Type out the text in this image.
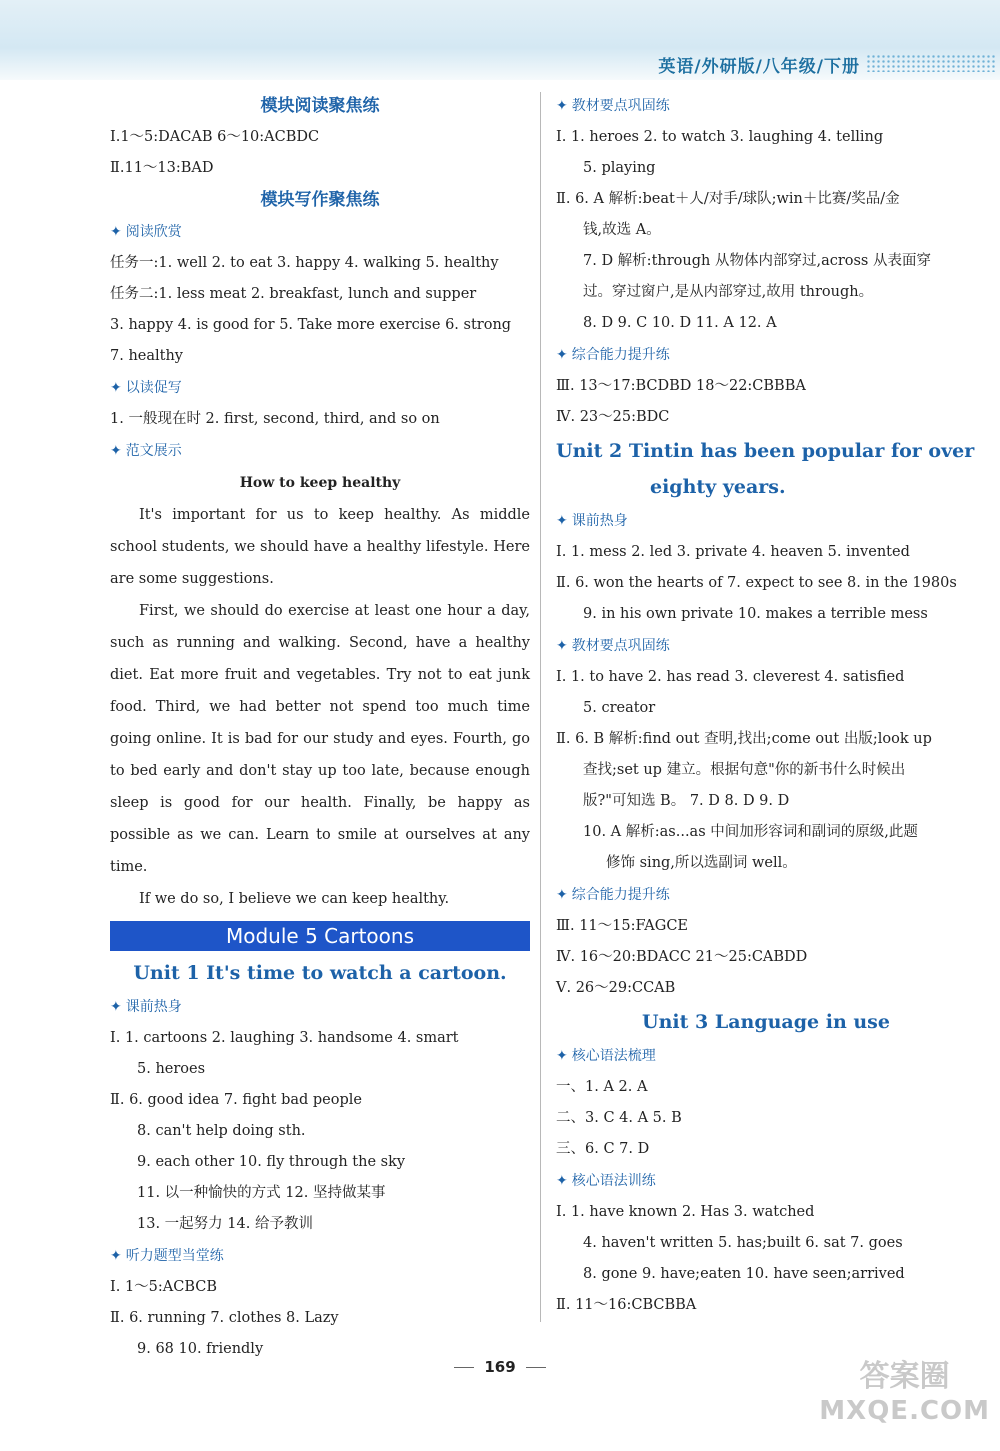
英语/外研版/八年级/下册
模块阅读聚焦练
Ⅰ.1～5:DACAB 6～10:ACBDC
Ⅱ.11～13:BAD
模块写作聚焦练
✦ 阅读欣赏
任务一:1. well 2. to eat 3. happy 4. walking 5. healthy
任务二:1. less meat 2. breakfast, lunch and supper
3. happy 4. is good for 5. Take more exercise 6. strong
7. healthy
✦ 以读促写
1. 一般现在时 2. first, second, third, and so on
✦ 范文展示
How to keep healthy

It's important for us to keep healthy. As middle school students, we should have a healthy lifestyle. Here are some suggestions.

First, we should do exercise at least one hour a day, such as running and walking. Second, have a healthy diet. Eat more fruit and vegetables. Try not to eat junk food. Third, we had better not spend too much time going online. It is bad for our study and eyes. Fourth, go to bed early and don't stay up too late, because enough sleep is good for our health. Finally, be happy as possible as we can. Learn to smile at ourselves at any time.

If we do so, I believe we can keep healthy.

Module 5 Cartoons
Unit 1 It's time to watch a cartoon.
✦ 课前热身
Ⅰ. 1. cartoons 2. laughing 3. handsome 4. smart
5. heroes
Ⅱ. 6. good idea 7. fight bad people
8. can't help doing sth.
9. each other 10. fly through the sky
11. 以一种愉快的方式 12. 坚持做某事
13. 一起努力 14. 给予教训
✦ 听力题型当堂练
Ⅰ. 1～5:ACBCB
Ⅱ. 6. running 7. clothes 8. Lazy
9. 68 10. friendly
✦ 教材要点巩固练
Ⅰ. 1. heroes 2. to watch 3. laughing 4. telling
5. playing
Ⅱ. 6. A 解析:beat＋人/对手/球队;win＋比赛/奖品/金
钱,故选 A。
7. D 解析:through 从物体内部穿过,across 从表面穿
过。穿过窗户,是从内部穿过,故用 through。
8. D 9. C 10. D 11. A 12. A
✦ 综合能力提升练
Ⅲ. 13～17:BCDBD 18～22:CBBBA
Ⅳ. 23～25:BDC
Unit 2 Tintin has been popular for over
eighty years.
✦ 课前热身
Ⅰ. 1. mess 2. led 3. private 4. heaven 5. invented
Ⅱ. 6. won the hearts of 7. expect to see 8. in the 1980s
9. in his own private 10. makes a terrible mess
✦ 教材要点巩固练
Ⅰ. 1. to have 2. has read 3. cleverest 4. satisfied
5. creator
Ⅱ. 6. B 解析:find out 查明,找出;come out 出版;look up
查找;set up 建立。根据句意"你的新书什么时候出
版?"可知选 B。 7. D 8. D 9. D
10. A 解析:as...as 中间加形容词和副词的原级,此题
修饰 sing,所以选副词 well。
✦ 综合能力提升练
Ⅲ. 11～15:FAGCE
Ⅳ. 16～20:BDACC 21～25:CABDD
Ⅴ. 26～29:CCAB
Unit 3 Language in use
✦ 核心语法梳理
一、1. A 2. A
二、3. C 4. A 5. B
三、6. C 7. D
✦ 核心语法训练
Ⅰ. 1. have known 2. Has 3. watched
4. haven't written 5. has;built 6. sat 7. goes
8. gone 9. have;eaten 10. have seen;arrived
Ⅱ. 11～16:CBCBBA
169	答案圈
MXQE.COM
